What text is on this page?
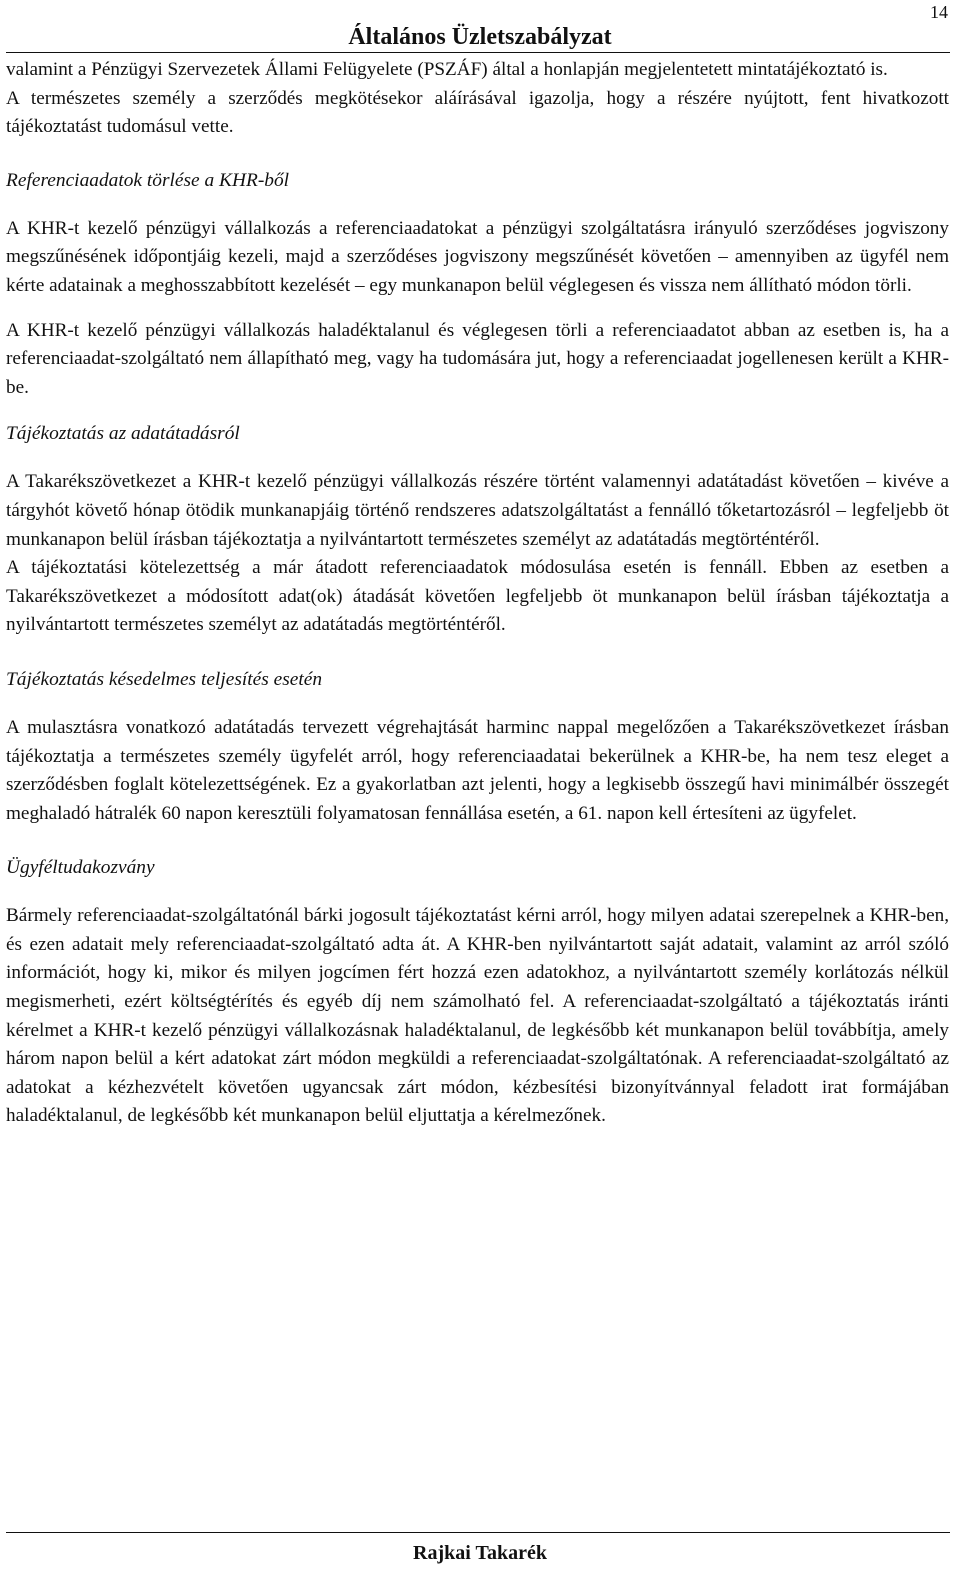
14
Általános Üzletszabályzat

valamint a Pénzügyi Szervezetek Állami Felügyelete (PSZÁF) által a honlapján megjelentetett mintatájékoztató is.

A természetes személy a szerződés megkötésekor aláírásával igazolja, hogy a részére nyújtott, fent hivatkozott tájékoztatást tudomásul vette.

Referenciaadatok törlése a KHR-ből

A KHR-t kezelő pénzügyi vállalkozás a referenciaadatokat a pénzügyi szolgáltatásra irányuló szerződéses jogviszony megszűnésének időpontjáig kezeli, majd a szerződéses jogviszony megszűnését követően – amennyiben az ügyfél nem kérte adatainak a meghosszabbított kezelését – egy munkanapon belül véglegesen és vissza nem állítható módon törli.

A KHR-t kezelő pénzügyi vállalkozás haladéktalanul és véglegesen törli a referenciaadatot abban az esetben is, ha a referenciaadat-szolgáltató nem állapítható meg, vagy ha tudomására jut, hogy a referenciaadat jogellenesen került a KHR-be.

Tájékoztatás az adatátadásról

A Takarékszövetkezet a KHR-t kezelő pénzügyi vállalkozás részére történt valamennyi adatátadást követően – kivéve a tárgyhót követő hónap ötödik munkanapjáig történő rendszeres adatszolgáltatást a fennálló tőketartozásról – legfeljebb öt munkanapon belül írásban tájékoztatja a nyilvántartott természetes személyt az adatátadás megtörténtéről.

A tájékoztatási kötelezettség a már átadott referenciaadatok módosulása esetén is fennáll. Ebben az esetben a Takarékszövetkezet a módosított adat(ok) átadását követően legfeljebb öt munkanapon belül írásban tájékoztatja a nyilvántartott természetes személyt az adatátadás megtörténtéről.

Tájékoztatás késedelmes teljesítés esetén

A mulasztásra vonatkozó adatátadás tervezett végrehajtását harminc nappal megelőzően a Takarékszövetkezet írásban tájékoztatja a természetes személy ügyfelét arról, hogy referenciaadatai bekerülnek a KHR-be, ha nem tesz eleget a szerződésben foglalt kötelezettségének. Ez a gyakorlatban azt jelenti, hogy a legkisebb összegű havi minimálbér összegét meghaladó hátralék 60 napon keresztüli folyamatosan fennállása esetén, a 61. napon kell értesíteni az ügyfelet.

Ügyféltudakozvány

Bármely referenciaadat-szolgáltatónál bárki jogosult tájékoztatást kérni arról, hogy milyen adatai szerepelnek a KHR-ben, és ezen adatait mely referenciaadat-szolgáltató adta át. A KHR-ben nyilvántartott saját adatait, valamint az arról szóló információt, hogy ki, mikor és milyen jogcímen fért hozzá ezen adatokhoz, a nyilvántartott személy korlátozás nélkül megismerheti, ezért költségtérítés és egyéb díj nem számolható fel. A referenciaadat-szolgáltató a tájékoztatás iránti kérelmet a KHR-t kezelő pénzügyi vállalkozásnak haladéktalanul, de legkésőbb két munkanapon belül továbbítja, amely három napon belül a kért adatokat zárt módon megküldi a referenciaadat-szolgáltatónak. A referenciaadat-szolgáltató az adatokat a kézhezvételt követően ugyancsak zárt módon, kézbesítési bizonyítvánnyal feladott irat formájában haladéktalanul, de legkésőbb két munkanapon belül eljuttatja a kérelmezőnek.

Rajkai Takarék
